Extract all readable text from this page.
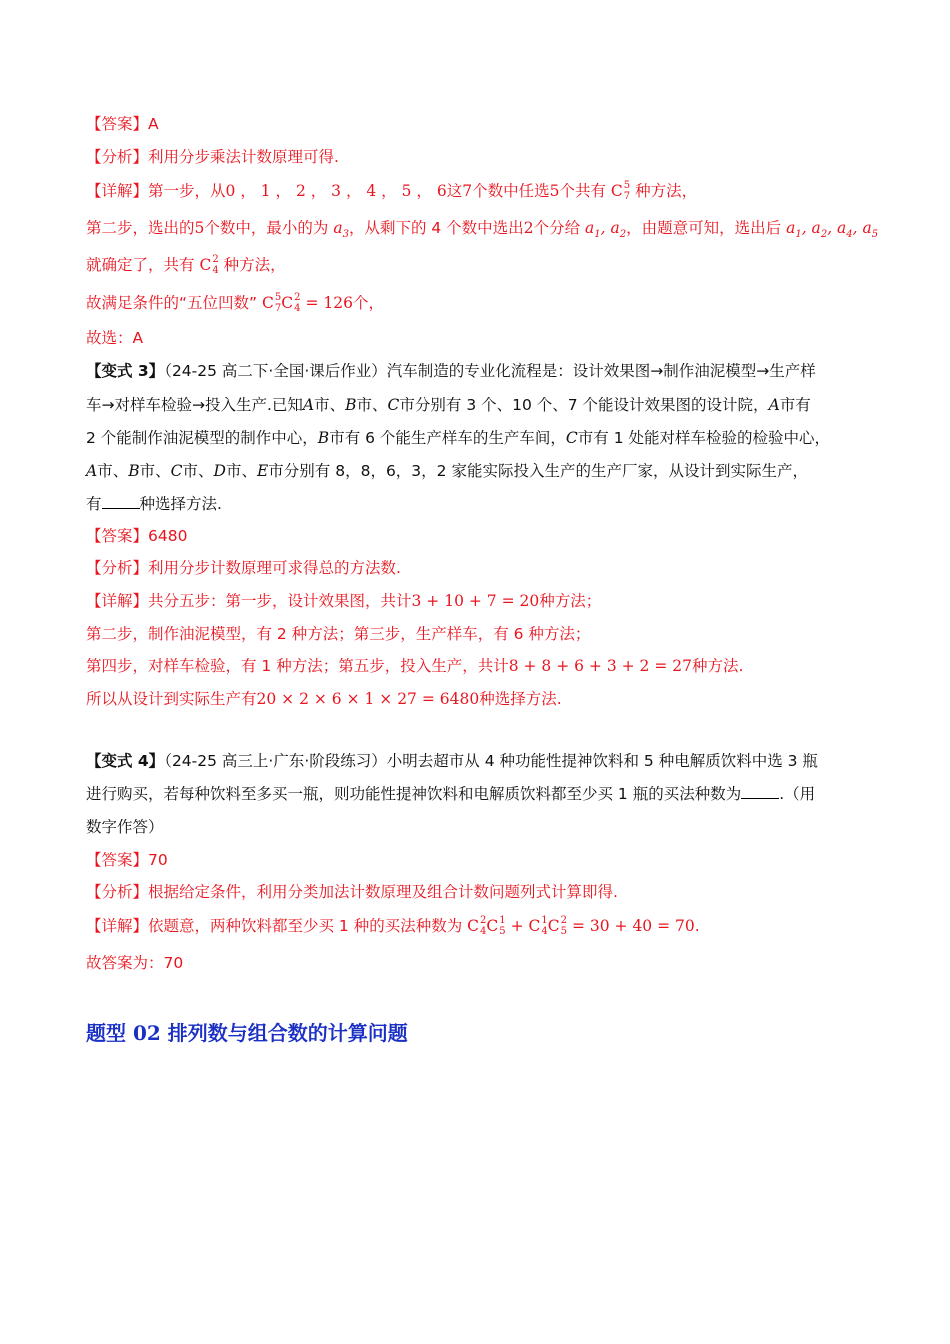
【答案】A
【分析】利用分步乘法计数原理可得.
【详解】第一步，从0 ， 1 ， 2 ， 3 ， 4 ， 5 ， 6这7个数中任选5个共有 C 5
7 种方法，
第二步，选出的5个数中，最小的为 $a_3$，从剩下的 4 个数中选出2个分给 $a_1$, $a_2$，由题意可知，选出后 $a_1$, $a_2$, $a_4$, $a_5$
就确定了，共有 C 2
4 种方法，
故满足条件的“五位凹数” C 5
7 C 2
4 = 126个，
故选：A
【变式 3】（24-25 高二下·全国·课后作业）汽车制造的专业化流程是：设计效果图→制作油泥模型→生产样
车→对样车检验→投入生产.已知A市、B市、C市分别有 3 个、10 个、7 个能设计效果图的设计院，A市有
2 个能制作油泥模型的制作中心，B市有 6 个能生产样车的生产车间，C市有 1 处能对样车检验的检验中心，
A市、B市、C市、D市、E市分别有 8，8，6，3，2 家能实际投入生产的生产厂家，从设计到实际生产，
有 种选择方法.
【答案】6480
【分析】利用分步计数原理可求得总的方法数.
【详解】共分五步：第一步，设计效果图，共计3 + 10 + 7 = 20种方法；
第二步，制作油泥模型，有 2 种方法；第三步，生产样车，有 6 种方法；
第四步，对样车检验，有 1 种方法；第五步，投入生产，共计8 + 8 + 6 + 3 + 2 = 27种方法.
所以从设计到实际生产有20 × 2 × 6 × 1 × 27 = 6480种选择方法.
【变式 4】（24-25 高三上·广东·阶段练习）小明去超市从 4 种功能性提神饮料和 5 种电解质饮料中选 3 瓶
进行购买，若每种饮料至多买一瓶，则功能性提神饮料和电解质饮料都至少买 1 瓶的买法种数为 .（用
数字作答）
【答案】70
【分析】根据给定条件，利用分类加法计数原理及组合计数问题列式计算即得.
【详解】依题意，两种饮料都至少买 1 种的买法种数为 C 2
4 C 1
5 + C 1
4 C 2
5 = 30 + 40 = 70.
故答案为：70
题型 02 排列数与组合数的计算问题
